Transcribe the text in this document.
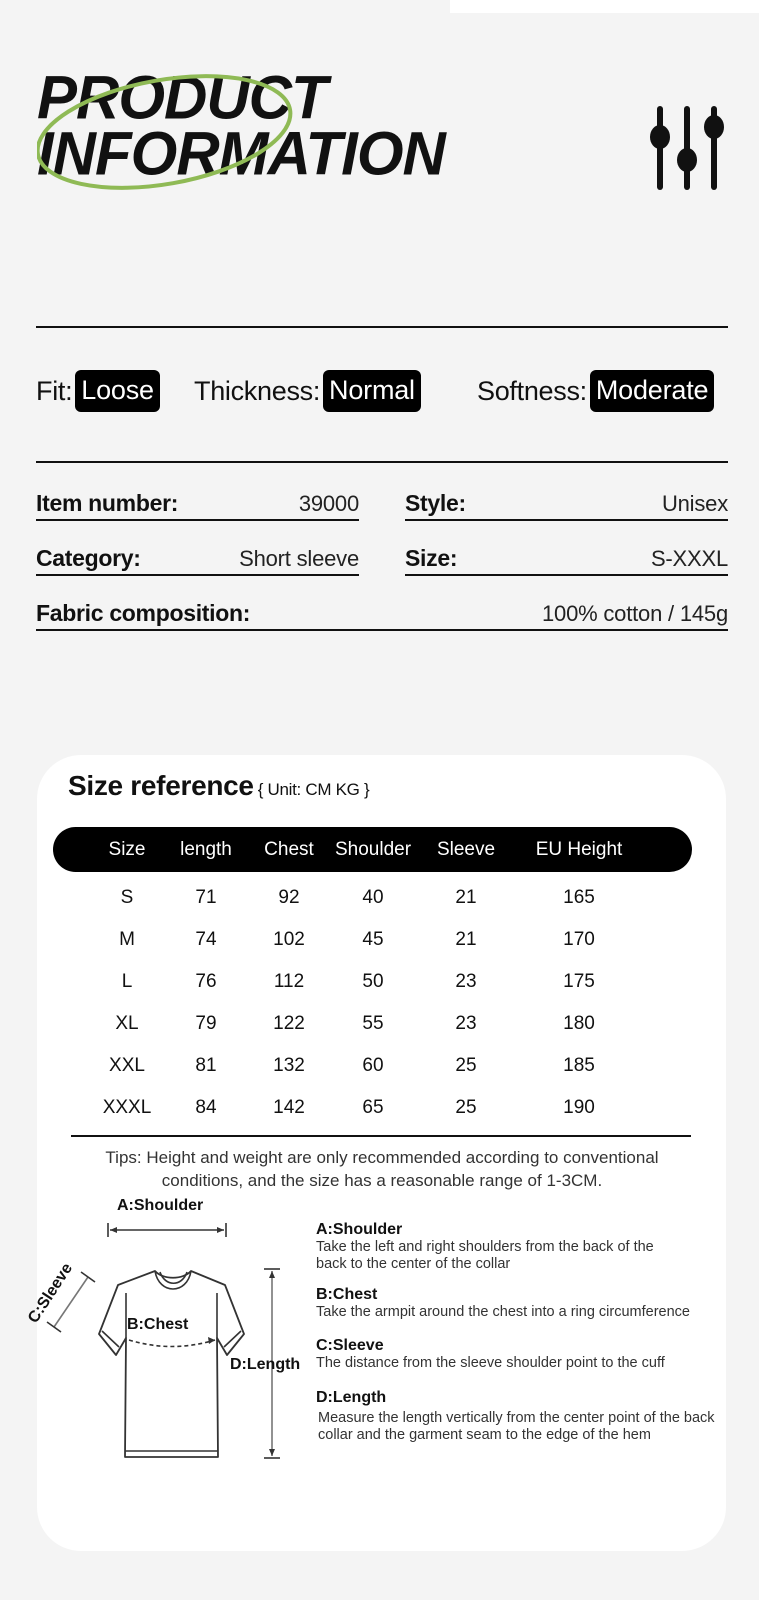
PRODUCT
INFORMATION
Fit: Loose Thickness: Normal Softness: Moderate
Item number:	39000 Style:	Unisex
Category:	Short sleeve Size:	S-XXXL
Fabric composition:	100% cotton / 145g
Size reference { Unit: CM KG }
Size length Chest Shoulder Sleeve EU Height
S	71	92	40	21	165
M	74	102	45	21	170
L	76	112	50	23	175
XL	79	122	55	23	180
XXL	81	132	60	25	185
XXXL 84	142	65	25	190
Tips: Height and weight are only recommended according to conventional conditions, and the size has a reasonable range of 1-3CM.
A:Shoulder
C:Sleeve	B:Chest
D:Length
A:Shoulder
Take the left and right shoulders from the back of the back to the center of the collar
B:Chest
Take the armpit around the chest into a ring circumference
C:Sleeve
The distance from the sleeve shoulder point to the cuff
D:Length
Measure the length vertically from the center point of the back collar and the garment seam to the edge of the hem
